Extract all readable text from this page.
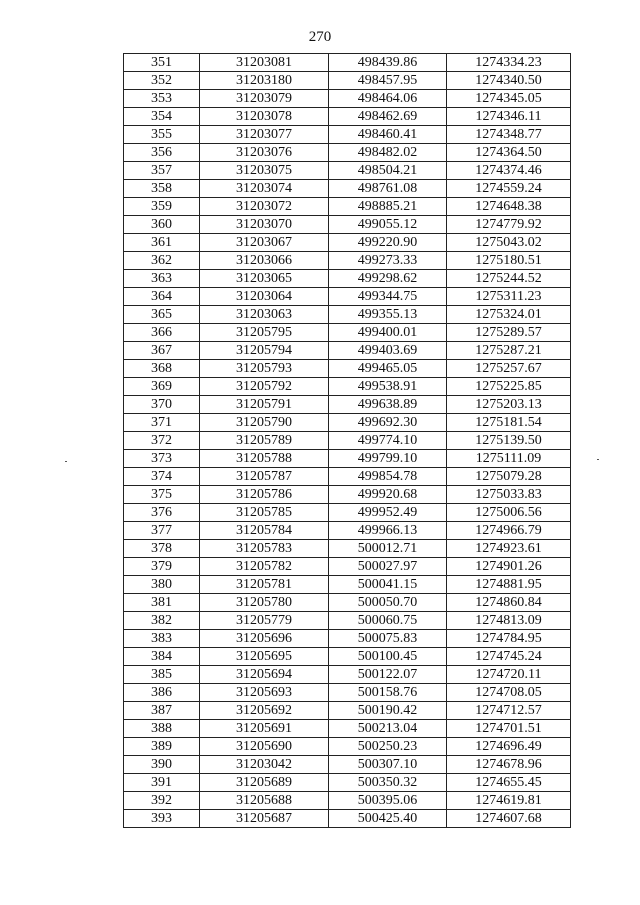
270
351	31203081	498439.86	1274334.23
352	31203180	498457.95	1274340.50
353	31203079	498464.06	1274345.05
354	31203078	498462.69	1274346.11
355	31203077	498460.41	1274348.77
356	31203076	498482.02	1274364.50
357	31203075	498504.21	1274374.46
358	31203074	498761.08	1274559.24
359	31203072	498885.21	1274648.38
360	31203070	499055.12	1274779.92
361	31203067	499220.90	1275043.02
362	31203066	499273.33	1275180.51
363	31203065	499298.62	1275244.52
364	31203064	499344.75	1275311.23
365	31203063	499355.13	1275324.01
366	31205795	499400.01	1275289.57
367	31205794	499403.69	1275287.21
368	31205793	499465.05	1275257.67
369	31205792	499538.91	1275225.85
370	31205791	499638.89	1275203.13
371	31205790	499692.30	1275181.54
372	31205789	499774.10	1275139.50
373	31205788	499799.10	1275111.09
374	31205787	499854.78	1275079.28
375	31205786	499920.68	1275033.83
376	31205785	499952.49	1275006.56
377	31205784	499966.13	1274966.79
378	31205783	500012.71	1274923.61
379	31205782	500027.97	1274901.26
380	31205781	500041.15	1274881.95
381	31205780	500050.70	1274860.84
382	31205779	500060.75	1274813.09
383	31205696	500075.83	1274784.95
384	31205695	500100.45	1274745.24
385	31205694	500122.07	1274720.11
386	31205693	500158.76	1274708.05
387	31205692	500190.42	1274712.57
388	31205691	500213.04	1274701.51
389	31205690	500250.23	1274696.49
390	31203042	500307.10	1274678.96
391	31205689	500350.32	1274655.45
392	31205688	500395.06	1274619.81
393	31205687	500425.40	1274607.68
